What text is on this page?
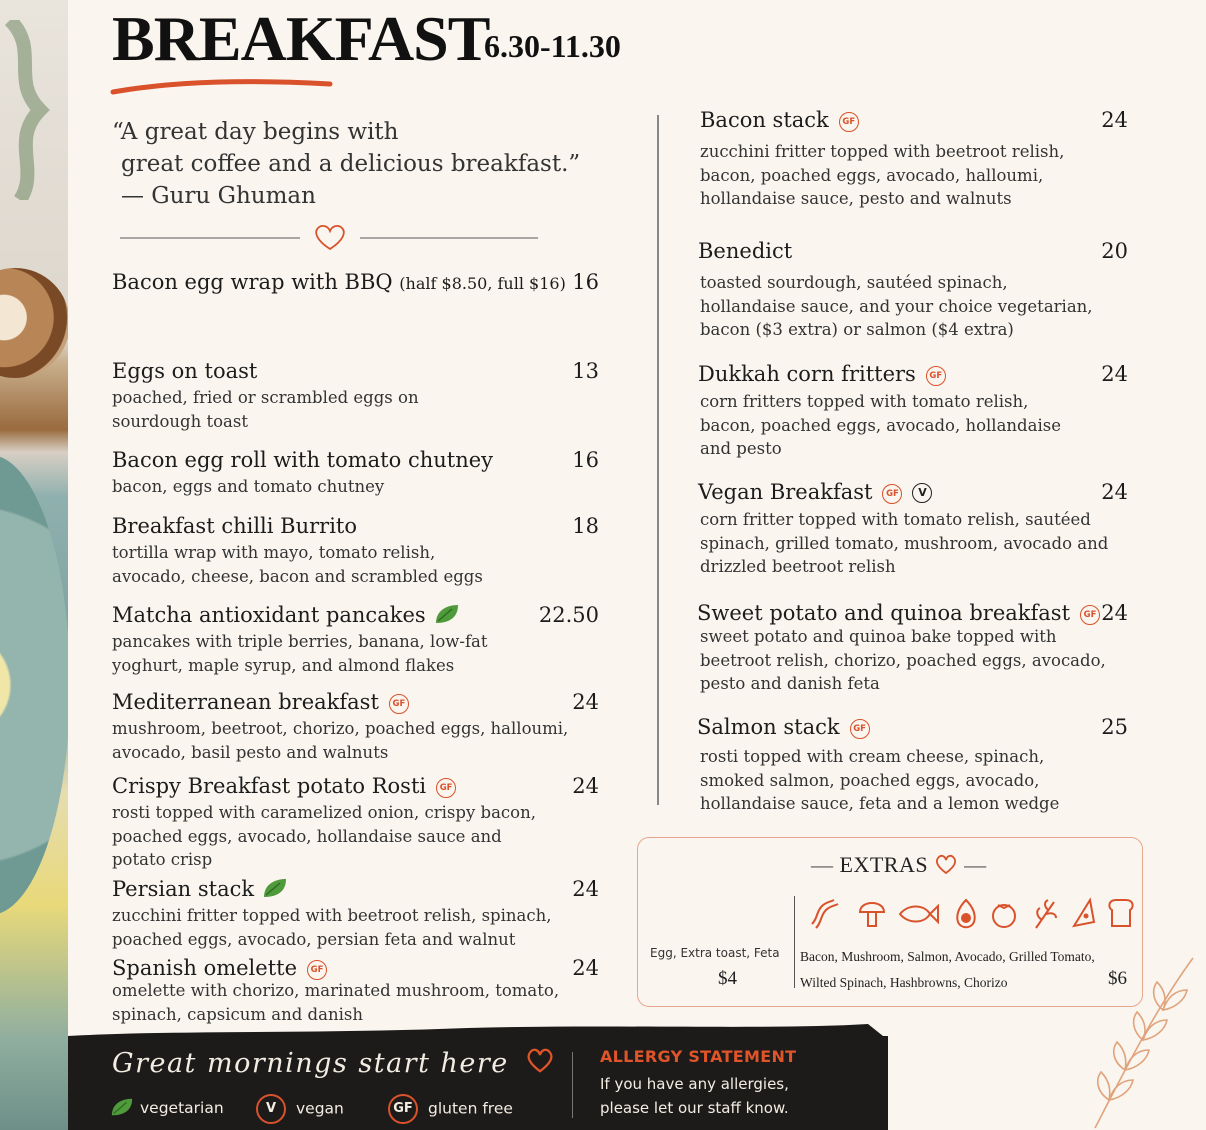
BREAKFAST
6.30-11.30
“A great day begins with
great coffee and a delicious breakfast.”
— Guru Ghuman
Bacon egg wrap with BBQ (half $8.50, full $16) 16
Eggs on toast
poached, fried or scrambled eggs on
sourdough toast
13
Bacon egg roll with tomato chutney
bacon, eggs and tomato chutney
16
Breakfast chilli Burrito
tortilla wrap with mayo, tomato relish,
avocado, cheese, bacon and scrambled eggs
18
Matcha antioxidant pancakes
pancakes with triple berries, banana, low-fat
yoghurt, maple syrup, and almond flakes
22.50
Mediterranean breakfast GF
mushroom, beetroot, chorizo, poached eggs, halloumi,
avocado, basil pesto and walnuts
24
Crispy Breakfast potato Rosti GF
rosti topped with caramelized onion, crispy bacon,
poached eggs, avocado, hollandaise sauce and
potato crisp
24
Persian stack
zucchini fritter topped with beetroot relish, spinach,
poached eggs, avocado, persian feta and walnut
24
Spanish omelette GF
omelette with chorizo, marinated mushroom, tomato,
spinach, capsicum and danish
24
Bacon stack GF
zucchini fritter topped with beetroot relish,
bacon, poached eggs, avocado, halloumi,
hollandaise sauce, pesto and walnuts
24
Benedict
toasted sourdough, sautéed spinach,
hollandaise sauce, and your choice vegetarian,
bacon ($3 extra) or salmon ($4 extra)
20
Dukkah corn fritters GF
corn fritters topped with tomato relish,
bacon, poached eggs, avocado, hollandaise
and pesto
24
Vegan Breakfast GF V
corn fritter topped with tomato relish, sautéed
spinach, grilled tomato, mushroom, avocado and
drizzled beetroot relish
24
Sweet potato and quinoa breakfast GF
sweet potato and quinoa bake topped with
beetroot relish, chorizo, poached eggs, avocado,
pesto and danish feta
24
Salmon stack GF
rosti topped with cream cheese, spinach,
smoked salmon, poached eggs, avocado,
hollandaise sauce, feta and a lemon wedge
25
— EXTRAS  —
Egg, Extra toast, Feta
$4
Bacon, Mushroom, Salmon, Avocado, Grilled Tomato,
Wilted Spinach, Hashbrowns, Chorizo	$6
Great mornings start here
vegetarian	V vegan	GF gluten free
ALLERGY STATEMENT
If you have any allergies,
please let our staff know.
